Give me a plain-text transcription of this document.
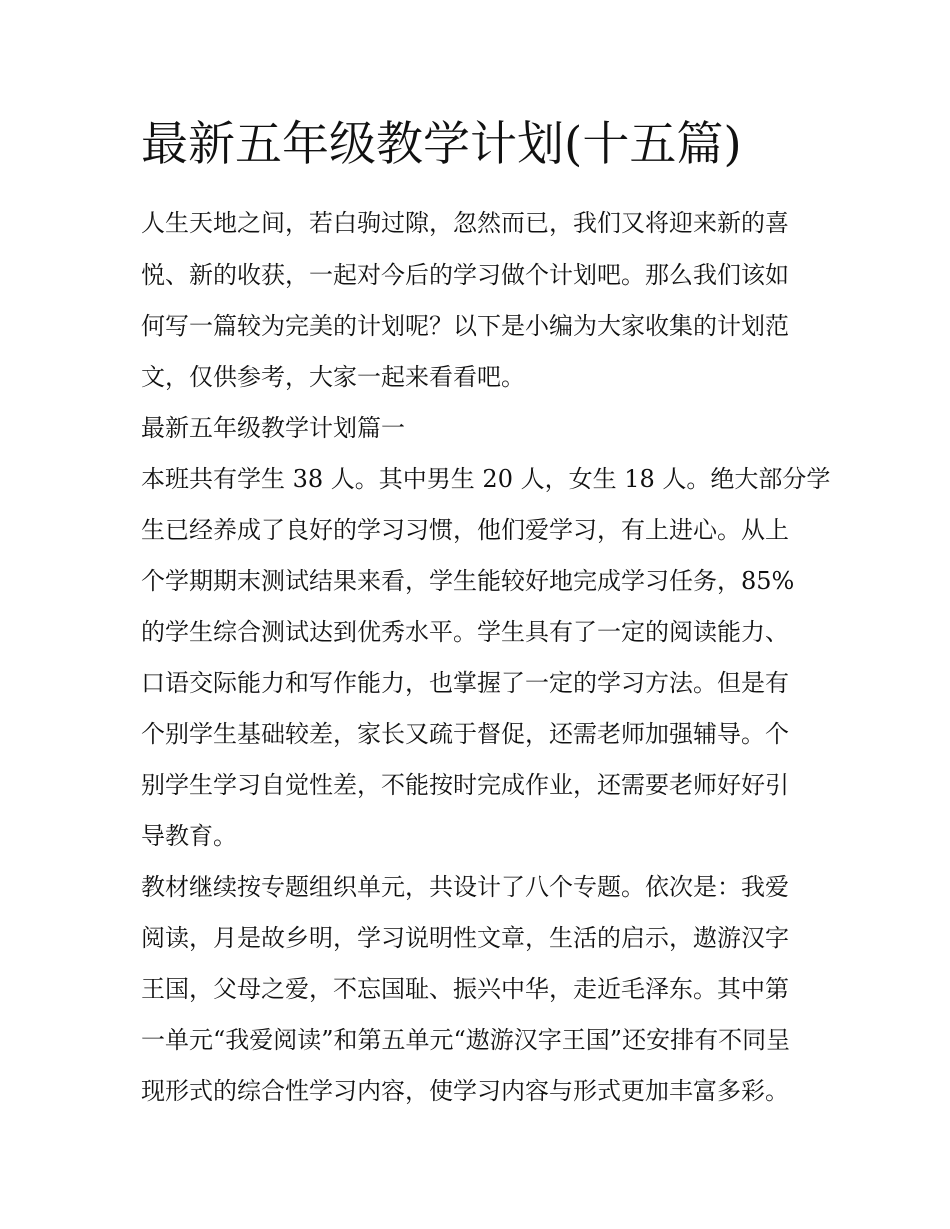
最新五年级教学计划(十五篇)

人生天地之间，若白驹过隙，忽然而已，我们又将迎来新的喜

悦、新的收获，一起对今后的学习做个计划吧。那么我们该如

何写一篇较为完美的计划呢？以下是小编为大家收集的计划范

文，仅供参考，大家一起来看看吧。

最新五年级教学计划篇一

本班共有学生 38 人。其中男生 20 人，女生 18 人。绝大部分学

生已经养成了良好的学习习惯，他们爱学习，有上进心。从上

个学期期末测试结果来看，学生能较好地完成学习任务，85%

的学生综合测试达到优秀水平。学生具有了一定的阅读能力、

口语交际能力和写作能力，也掌握了一定的学习方法。但是有

个别学生基础较差，家长又疏于督促，还需老师加强辅导。个

别学生学习自觉性差，不能按时完成作业，还需要老师好好引

导教育。

教材继续按专题组织单元，共设计了八个专题。依次是：我爱

阅读，月是故乡明，学习说明性文章，生活的启示，遨游汉字

王国，父母之爱，不忘国耻、振兴中华，走近毛泽东。其中第

一单元“我爱阅读”和第五单元“遨游汉字王国”还安排有不同呈

现形式的综合性学习内容，使学习内容与形式更加丰富多彩。
